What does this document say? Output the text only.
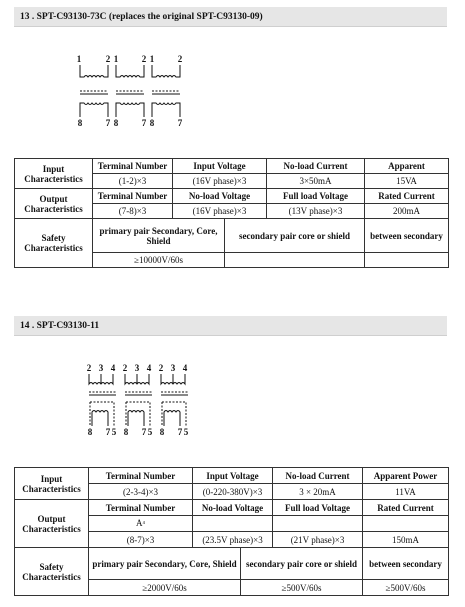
13 . SPT-C93130-73C (replaces the original SPT-C93130-09)
1	2 1	2 1	2
8	7 8	7 8	7
Input Characteristics	Terminal Number	Input Voltage		No-load Current	Apparent
	(1-2)×3	(16V phase)×3		3×50mA	15VA
Output Characteristics	Terminal Number	No-load Voltage		Full load Voltage	Rated Current
	(7-8)×3	(16V phase)×3		(13V phase)×3	200mA
Safety Characteristics	primary pair Secondary, Core, Shield		secondary pair core or shield		between secondary
	≥10000V/60s				
14 . SPT-C93130-11
2 3 4 2 3 4 2 3 4
8 7 5 8 7 5 8 7 5
Input Characteristics	Terminal Number	Input Voltage		No-load Current	Apparent Power
	(2-3-4)×3	(0-220-380V)×3		3 × 20mA	11VA
Output Characteristics	Terminal Number	No-load Voltage		Full load Voltage	Rated Current
	A⁴				
	(8-7)×3	(23.5V phase)×3		(21V phase)×3	150mA
Safety Characteristics	primary pair Secondary, Core, Shield		secondary pair core or shield		between secondary
	≥2000V/60s		≥500V/60s		≥500V/60s
